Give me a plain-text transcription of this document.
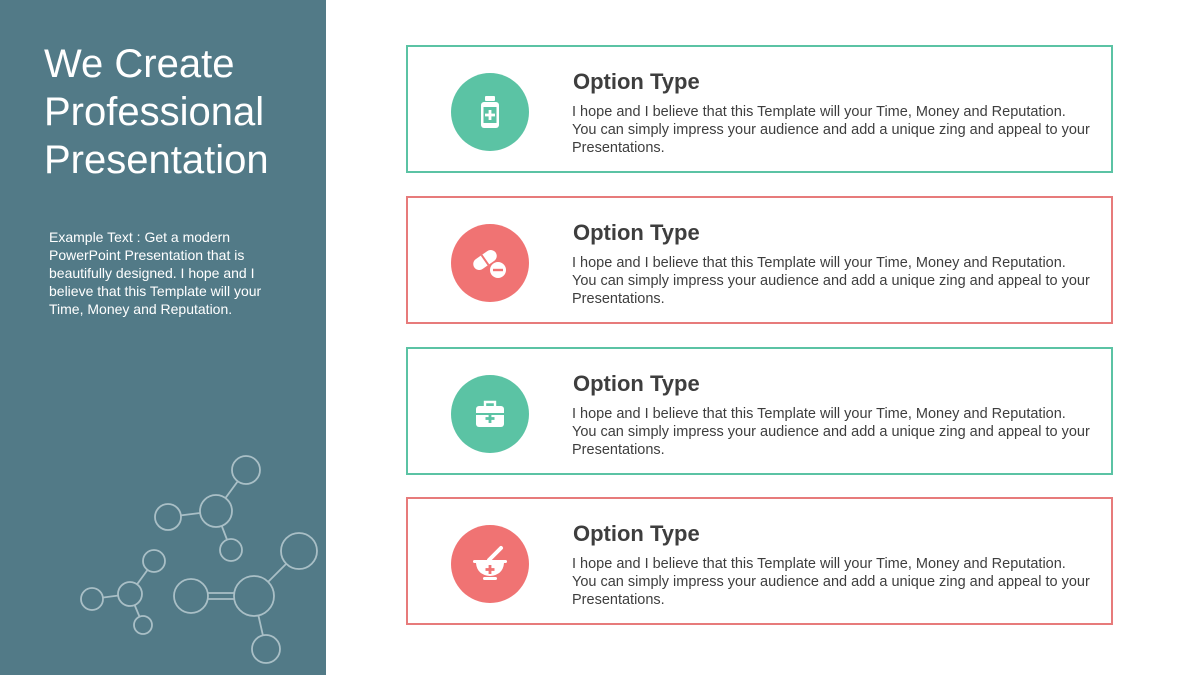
We Create
Professional
Presentation

Example Text : Get a modern PowerPoint Presentation that is beautifully designed. I hope and I believe that this Template will your Time, Money and Reputation.

Option Type

I hope and I believe that this Template will your Time, Money and Reputation. You can simply impress your audience and add a unique zing and appeal to your Presentations.

Option Type

I hope and I believe that this Template will your Time, Money and Reputation. You can simply impress your audience and add a unique zing and appeal to your Presentations.

Option Type

I hope and I believe that this Template will your Time, Money and Reputation. You can simply impress your audience and add a unique zing and appeal to your Presentations.

Option Type

I hope and I believe that this Template will your Time, Money and Reputation. You can simply impress your audience and add a unique zing and appeal to your Presentations.
